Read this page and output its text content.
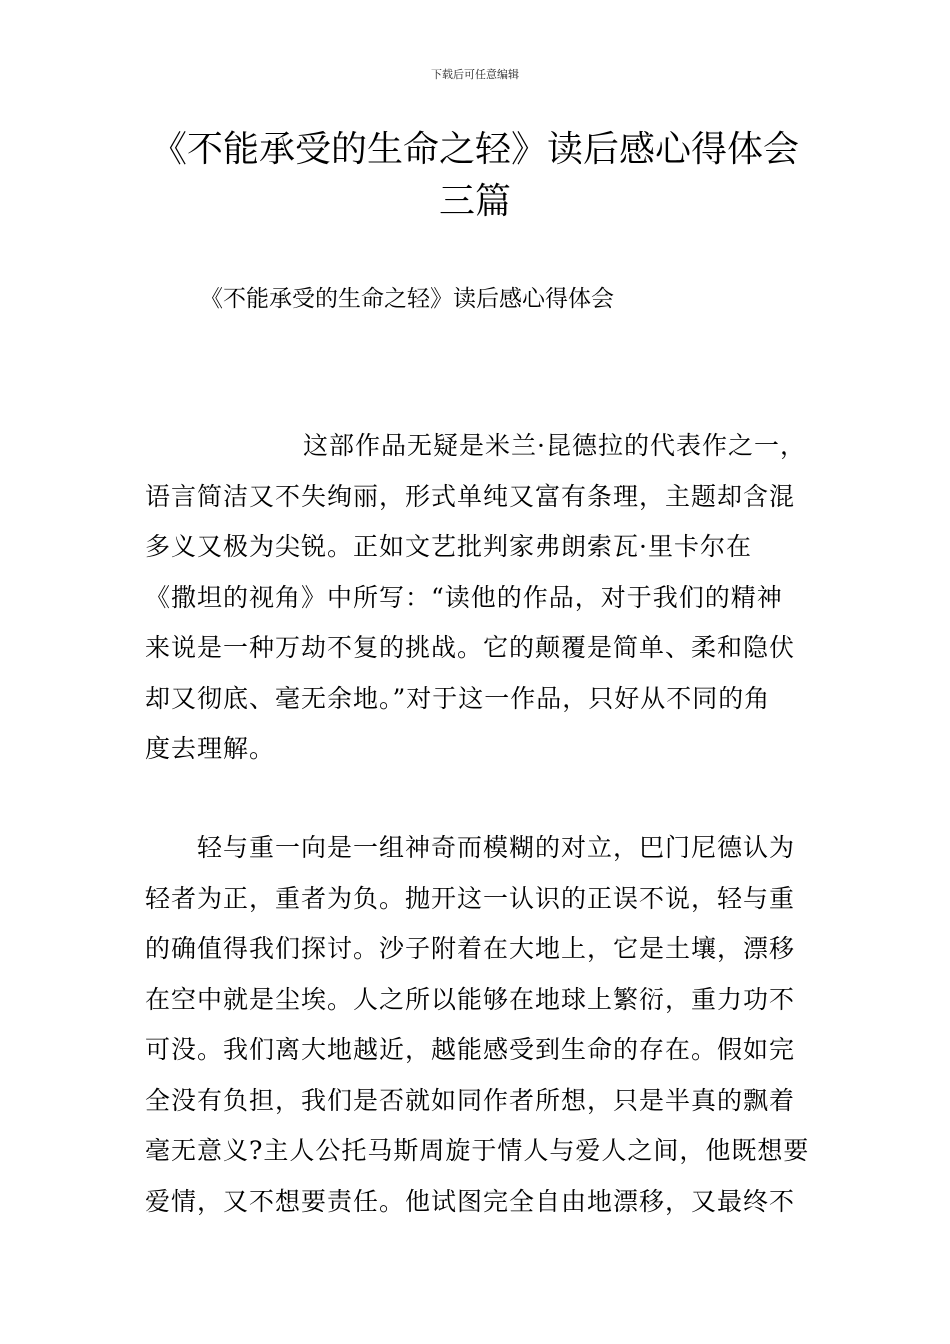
下载后可任意编辑
《不能承受的生命之轻》读后感心得体会
三篇
《不能承受的生命之轻》读后感心得体会
这部作品无疑是米兰·昆德拉的代表作之一，
语言简洁又不失绚丽，形式单纯又富有条理，主题却含混
多义又极为尖锐。正如文艺批判家弗朗索瓦·里卡尔在
《撒坦的视角》中所写：“读他的作品，对于我们的精神
来说是一种万劫不复的挑战。它的颠覆是简单、柔和隐伏
却又彻底、毫无余地。”对于这一作品，只好从不同的角
度去理解。
轻与重一向是一组神奇而模糊的对立，巴门尼德认为
轻者为正，重者为负。抛开这一认识的正误不说，轻与重
的确值得我们探讨。沙子附着在大地上，它是土壤，漂移
在空中就是尘埃。人之所以能够在地球上繁衍，重力功不
可没。我们离大地越近，越能感受到生命的存在。假如完
全没有负担，我们是否就如同作者所想，只是半真的飘着
毫无意义?主人公托马斯周旋于情人与爱人之间，他既想要
爱情，又不想要责任。他试图完全自由地漂移，又最终不
